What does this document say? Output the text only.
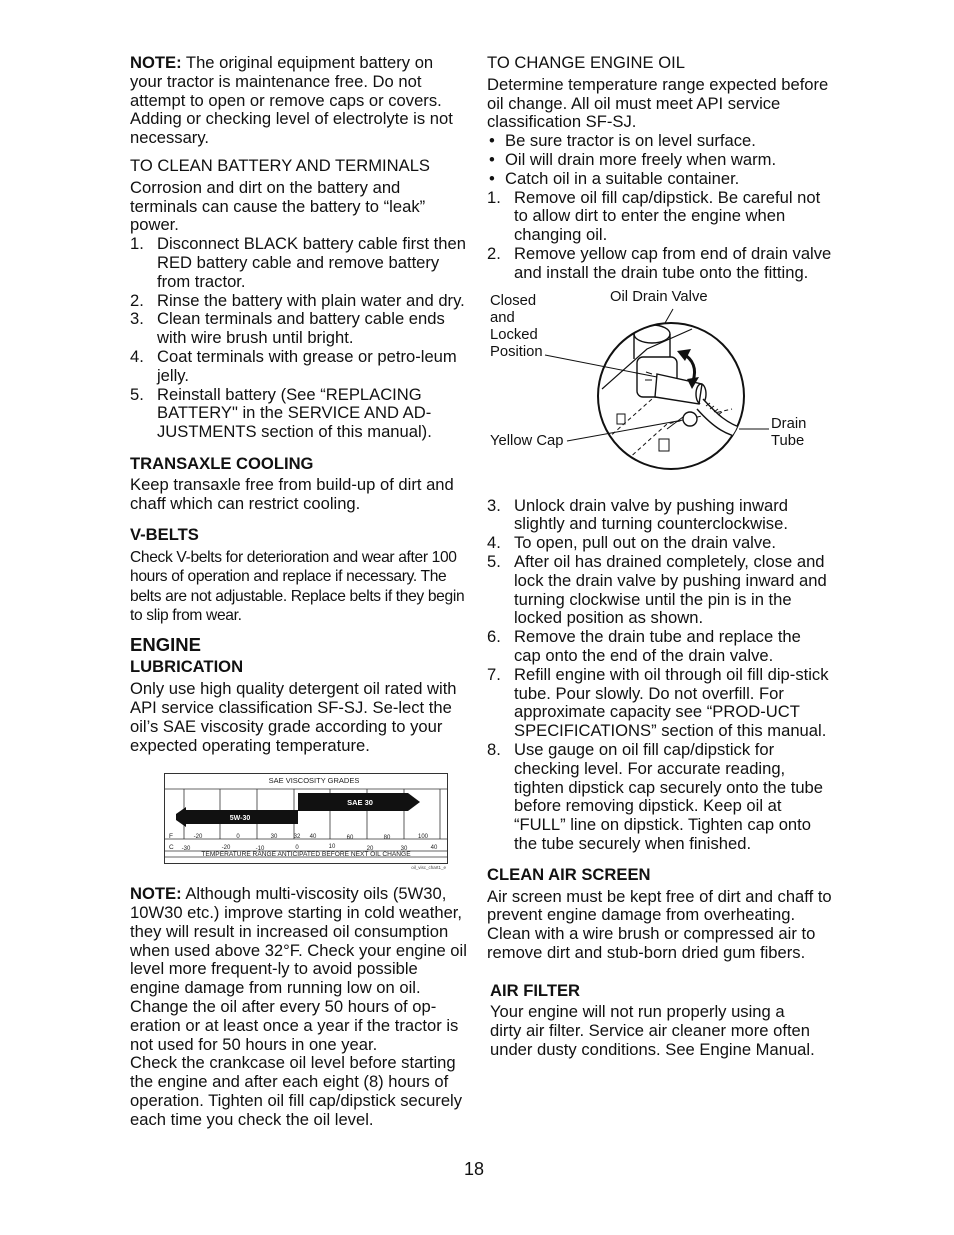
NOTE: The original equipment battery on your tractor is maintenance free. Do not attempt to open or remove caps or covers. Adding or checking level of electrolyte is not necessary.

TO CLEAN BATTERY AND TERMINALS

Corrosion and dirt on the battery and terminals can cause the battery to “leak” power.

1. Disconnect BLACK battery cable first then RED battery cable and remove battery from tractor.
2. Rinse the battery with plain water and dry.
3. Clean terminals and battery cable ends with wire brush until bright.
4. Coat terminals with grease or petro-leum jelly.
5. Reinstall battery (See “REPLACING BATTERY" in the SERVICE AND AD-JUSTMENTS section of this manual).

TRANSAXLE COOLING

Keep transaxle free from build-up of dirt and chaff which can restrict cooling.

V-BELTS

Check V-belts for deterioration and wear after 100 hours of operation and replace if necessary. The belts are not adjustable. Replace belts if they begin to slip from wear.

ENGINE

LUBRICATION

Only use high quality detergent oil rated with API service classification SF-SJ. Se-lect the oil’s SAE viscosity grade according to your expected operating temperature.

SAE VISCOSITY GRADES
SAE 30
5W-30
F
C
-20	0	30	32 40	60	80	100
-30	-20	-10	0	10	20	30	40
TEMPERATURE RANGE ANTICIPATED BEFORE NEXT OIL CHANGE
oil_visc_chart1_e

NOTE: Although multi-viscosity oils (5W30, 10W30 etc.) improve starting in cold weather, they will result in increased oil consumption when used above 32°F. Check your engine oil level more frequent-ly to avoid possible engine damage from running low on oil.

Change the oil after every 50 hours of op-eration or at least once a year if the tractor is not used for 50 hours in one year.

Check the crankcase oil level before starting the engine and after each eight (8) hours of operation. Tighten oil fill cap/dipstick securely each time you check the oil level.

TO CHANGE ENGINE OIL

Determine temperature range expected before oil change. All oil must meet API service classification SF-SJ.

• Be sure tractor is on level surface.
• Oil will drain more freely when warm.
• Catch oil in a suitable container.
1. Remove oil fill cap/dipstick. Be careful not to allow dirt to enter the engine when changing oil.
2. Remove yellow cap from end of drain valve and install the drain tube onto the fitting.
Closed
and
Locked
Position
Oil Drain Valve
Yellow Cap
Drain
Tube
3. Unlock drain valve by pushing inward slightly and turning counterclockwise.
4. To open, pull out on the drain valve.
5. After oil has drained completely, close and lock the drain valve by pushing inward and turning clockwise until the pin is in the locked position as shown.
6. Remove the drain tube and replace the cap onto the end of the drain valve.
7. Refill engine with oil through oil fill dip-stick tube. Pour slowly. Do not overfill. For approximate capacity see “PROD-UCT SPECIFICATIONS” section of this manual.
8. Use gauge on oil fill cap/dipstick for checking level. For accurate reading, tighten dipstick cap securely onto the tube before removing dipstick. Keep oil at “FULL” line on dipstick. Tighten cap onto the tube securely when finished.

CLEAN AIR SCREEN

Air screen must be kept free of dirt and chaff to prevent engine damage from overheating. Clean with a wire brush or compressed air to remove dirt and stub-born dried gum fibers.

AIR FILTER

Your engine will not run properly using a dirty air filter. Service air cleaner more often under dusty conditions. See Engine Manual.

18
